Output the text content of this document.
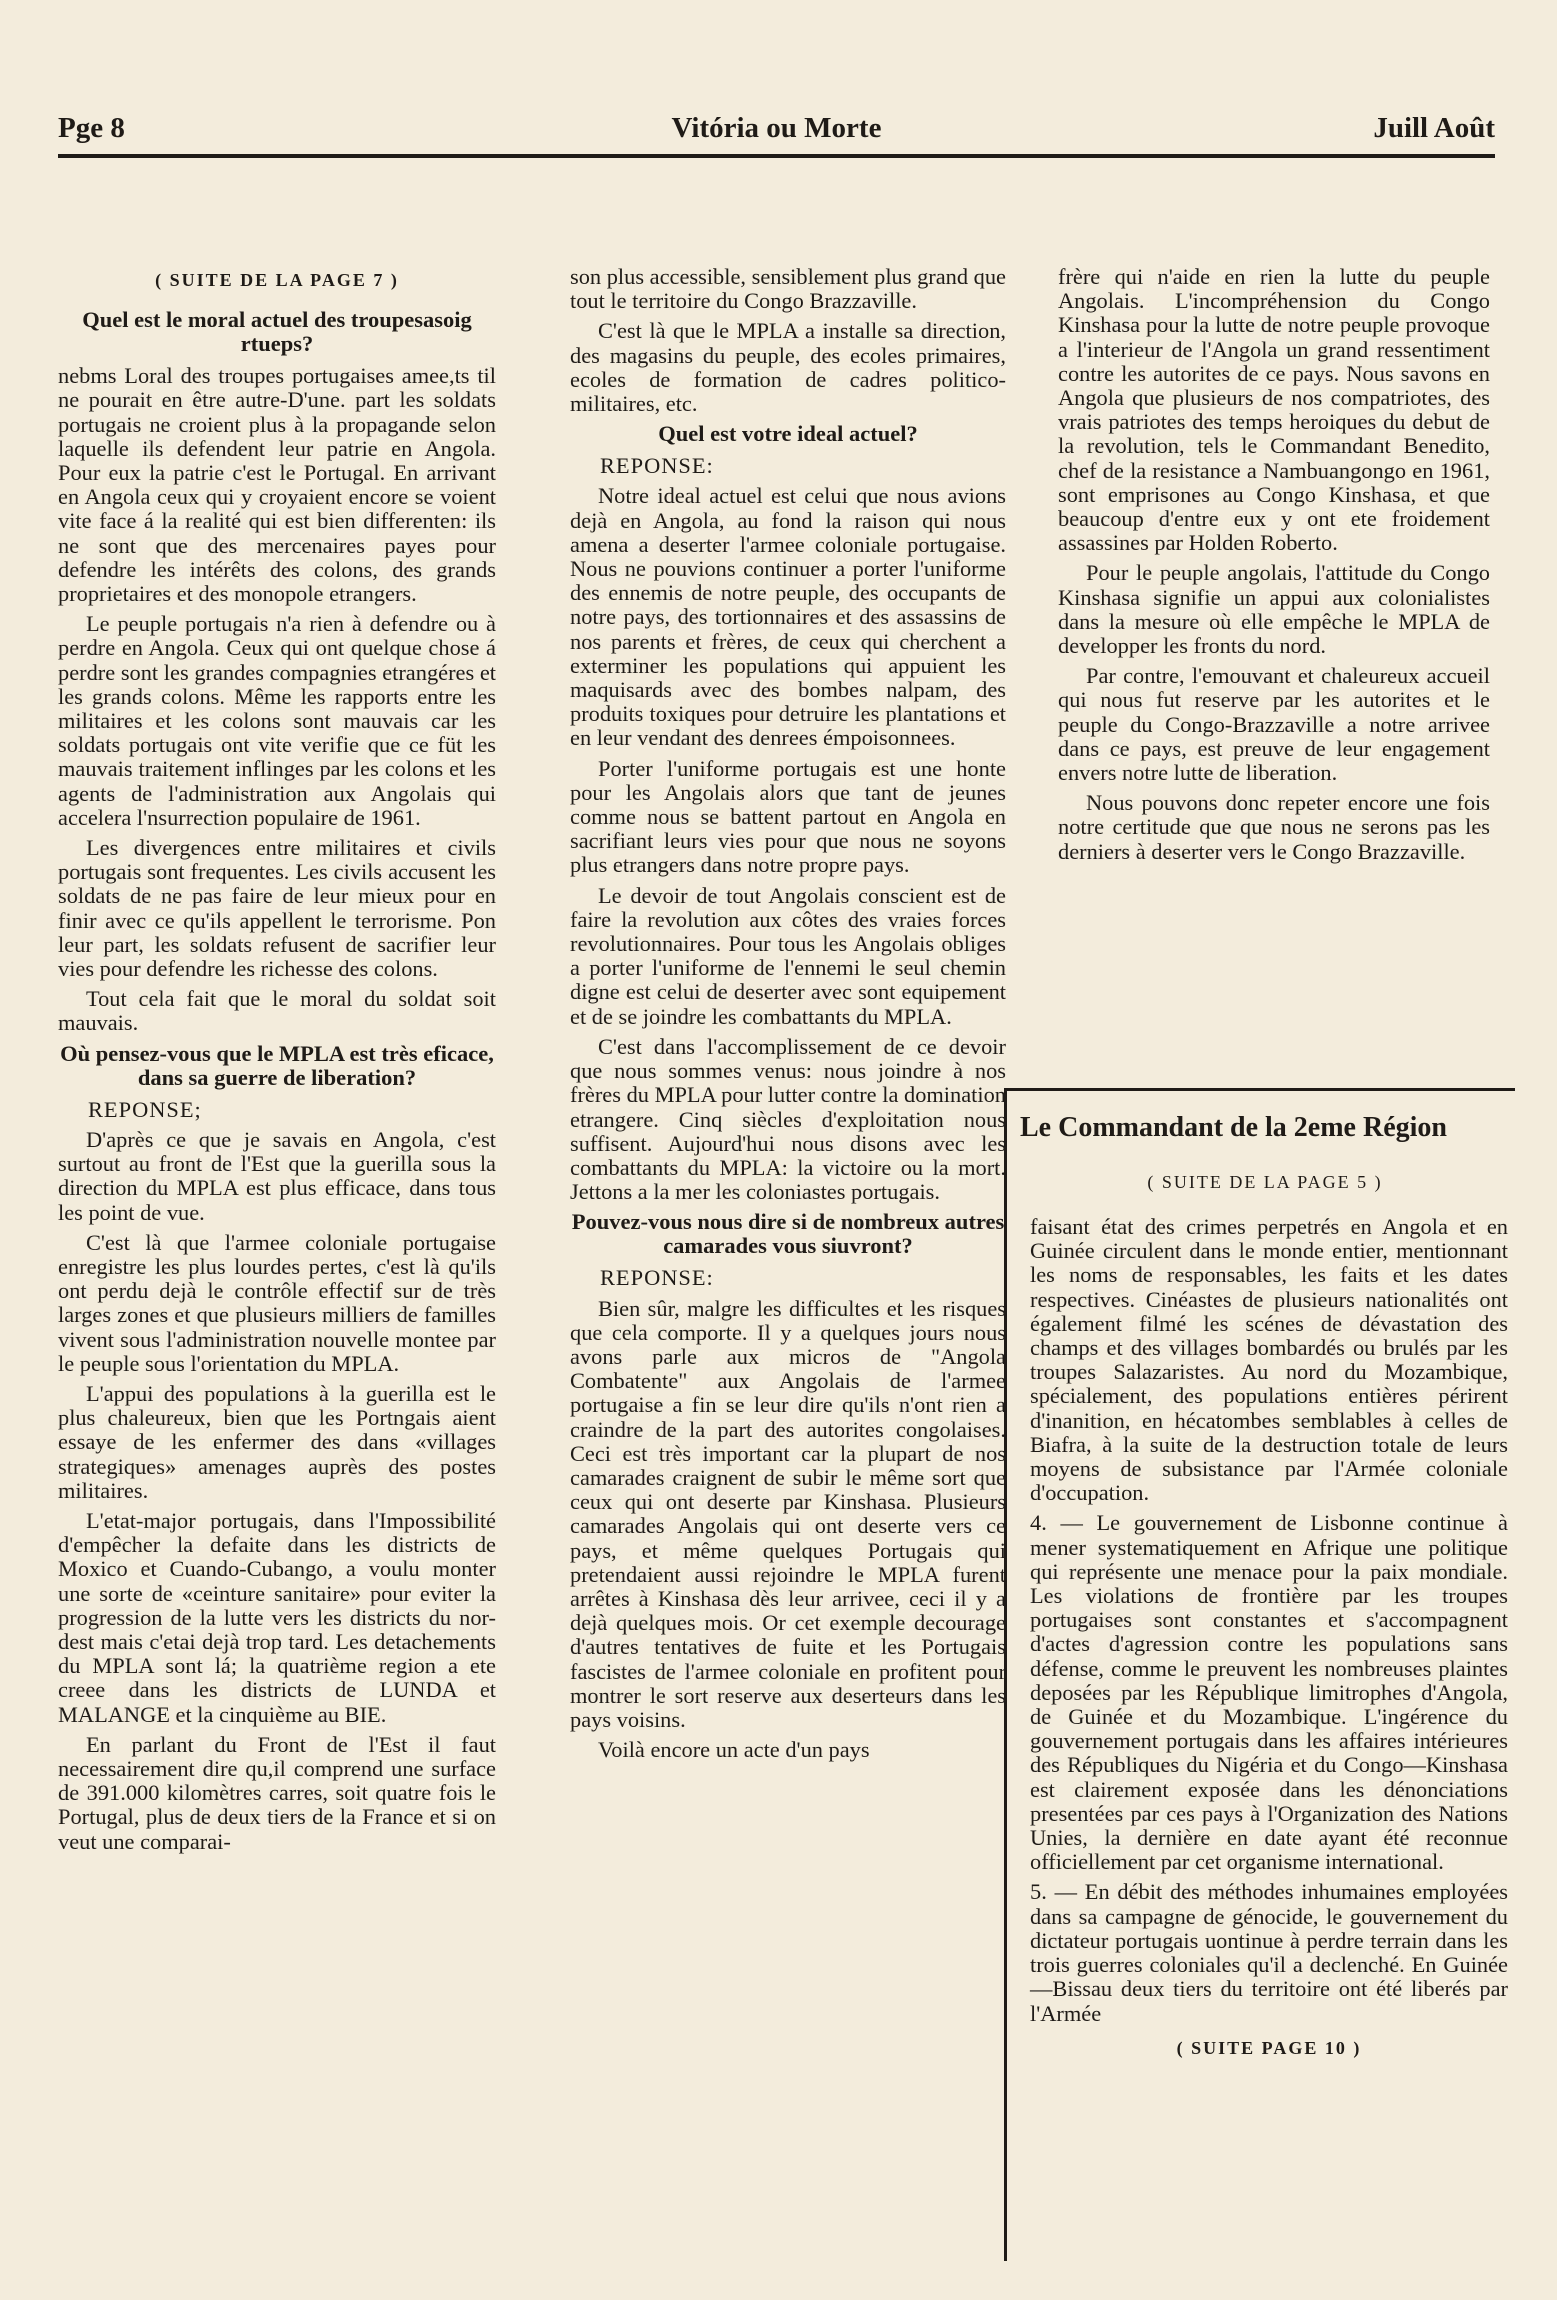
Pge 8	Vitória ou Morte	Juill Août
( SUITE DE LA PAGE 7 )
Quel est le moral actuel des troupesasoig rtueps?

nebms Loral des troupes portugaises amee,ts til ne pourait en être autre-D'une. part les soldats portugais ne croient plus à la propagande selon laquelle ils defendent leur patrie en Angola. Pour eux la patrie c'est le Portugal. En arrivant en Angola ceux qui y croyaient encore se voient vite face á la realité qui est bien differenten: ils ne sont que des mercenaires payes pour defendre les intérêts des colons, des grands proprietaires et des monopole etrangers.

Le peuple portugais n'a rien à defendre ou à perdre en Angola. Ceux qui ont quelque chose á perdre sont les grandes compagnies etrangéres et les grands colons. Même les rapports entre les militaires et les colons sont mauvais car les soldats portugais ont vite verifie que ce füt les mauvais traitement inflinges par les colons et les agents de l'administration aux Angolais qui accelera l'nsurrection populaire de 1961.

Les divergences entre militaires et civils portugais sont frequentes. Les civils accusent les soldats de ne pas faire de leur mieux pour en finir avec ce qu'ils appellent le terrorisme. Pon leur part, les soldats refusent de sacrifier leur vies pour defendre les richesse des colons.

Tout cela fait que le moral du soldat soit mauvais.

Où pensez-vous que le MPLA est très eficace, dans sa guerre de liberation?
REPONSE;

D'après ce que je savais en Angola, c'est surtout au front de l'Est que la guerilla sous la direction du MPLA est plus efficace, dans tous les point de vue.

C'est là que l'armee coloniale portugaise enregistre les plus lourdes pertes, c'est là qu'ils ont perdu dejà le contrôle effectif sur de très larges zones et que plusieurs milliers de familles vivent sous l'administration nouvelle montee par le peuple sous l'orientation du MPLA.

L'appui des populations à la guerilla est le plus chaleureux, bien que les Portngais aient essaye de les enfermer des dans «villages strategiques» amenages auprès des postes militaires.

L'etat-major portugais, dans l'Impossibilité d'empêcher la defaite dans les districts de Moxico et Cuando-Cubango, a voulu monter une sorte de «ceinture sanitaire» pour eviter la progression de la lutte vers les districts du nor-dest mais c'etai dejà trop tard. Les detachements du MPLA sont lá; la quatrième region a ete creee dans les districts de LUNDA et MALANGE et la cinquième au BIE.

En parlant du Front de l'Est il faut necessairement dire qu,il comprend une surface de 391.000 kilomètres carres, soit quatre fois le Portugal, plus de deux tiers de la France et si on veut une comparai-

son plus accessible, sensiblement plus grand que tout le territoire du Congo Brazzaville.

C'est là que le MPLA a installe sa direction, des magasins du peuple, des ecoles primaires, ecoles de formation de cadres politico-militaires, etc.

Quel est votre ideal actuel?
REPONSE:

Notre ideal actuel est celui que nous avions dejà en Angola, au fond la raison qui nous amena a deserter l'armee coloniale portugaise. Nous ne pouvions continuer a porter l'uniforme des ennemis de notre peuple, des occupants de notre pays, des tortionnaires et des assassins de nos parents et frères, de ceux qui cherchent a exterminer les populations qui appuient les maquisards avec des bombes nalpam, des produits toxiques pour detruire les plantations et en leur vendant des denrees émpoisonnees.

Porter l'uniforme portugais est une honte pour les Angolais alors que tant de jeunes comme nous se battent partout en Angola en sacrifiant leurs vies pour que nous ne soyons plus etrangers dans notre propre pays.

Le devoir de tout Angolais conscient est de faire la revolution aux côtes des vraies forces revolutionnaires. Pour tous les Angolais obliges a porter l'uniforme de l'ennemi le seul chemin digne est celui de deserter avec sont equipement et de se joindre les combattants du MPLA.

C'est dans l'accomplissement de ce devoir que nous sommes venus: nous joindre à nos frères du MPLA pour lutter contre la domination etrangere. Cinq siècles d'exploitation nous suffisent. Aujourd'hui nous disons avec les combattants du MPLA: la victoire ou la mort. Jettons a la mer les coloniastes portugais.

Pouvez-vous nous dire si de nombreux autres camarades vous siuvront?
REPONSE:

Bien sûr, malgre les difficultes et les risques que cela comporte. Il y a quelques jours nous avons parle aux micros de "Angola Combatente" aux Angolais de l'armee portugaise a fin se leur dire qu'ils n'ont rien a craindre de la part des autorites congolaises. Ceci est très important car la plupart de nos camarades craignent de subir le même sort que ceux qui ont deserte par Kinshasa. Plusieurs camarades Angolais qui ont deserte vers ce pays, et même quelques Portugais qui pretendaient aussi rejoindre le MPLA furent arrêtes à Kinshasa dès leur arrivee, ceci il y a dejà quelques mois. Or cet exemple decourage d'autres tentatives de fuite et les Portugais fascistes de l'armee coloniale en profitent pour montrer le sort reserve aux deserteurs dans les pays voisins.

Voilà encore un acte d'un pays

frère qui n'aide en rien la lutte du peuple Angolais. L'incompréhension du Congo Kinshasa pour la lutte de notre peuple provoque a l'interieur de l'Angola un grand ressentiment contre les autorites de ce pays. Nous savons en Angola que plusieurs de nos compatriotes, des vrais patriotes des temps heroiques du debut de la revolution, tels le Commandant Benedito, chef de la resistance a Nambuangongo en 1961, sont emprisones au Congo Kinshasa, et que beaucoup d'entre eux y ont ete froidement assassines par Holden Roberto.

Pour le peuple angolais, l'attitude du Congo Kinshasa signifie un appui aux colonialistes dans la mesure où elle empêche le MPLA de developper les fronts du nord.

Par contre, l'emouvant et chaleureux accueil qui nous fut reserve par les autorites et le peuple du Congo-Brazzaville a notre arrivee dans ce pays, est preuve de leur engagement envers notre lutte de liberation.

Nous pouvons donc repeter encore une fois notre certitude que que nous ne serons pas les derniers à deserter vers le Congo Brazzaville.

Le Commandant de la 2eme Région
( SUITE DE LA PAGE 5 )

faisant état des crimes perpetrés en Angola et en Guinée circulent dans le monde entier, mentionnant les noms de responsables, les faits et les dates respectives. Cinéastes de plusieurs nationalités ont également filmé les scénes de dévastation des champs et des villages bombardés ou brulés par les troupes Salazaristes. Au nord du Mozambique, spécialement, des populations entières périrent d'inanition, en hécatombes semblables à celles de Biafra, à la suite de la destruction totale de leurs moyens de subsistance par l'Armée coloniale d'occupation.

4. — Le gouvernement de Lisbonne continue à mener systematiquement en Afrique une politique qui représente une menace pour la paix mondiale. Les violations de frontière par les troupes portugaises sont constantes et s'accompagnent d'actes d'agression contre les populations sans défense, comme le preuvent les nombreuses plaintes deposées par les République limitrophes d'Angola, de Guinée et du Mozambique. L'ingérence du gouvernement portugais dans les affaires intérieures des Républiques du Nigéria et du Congo—Kinshasa est clairement exposée dans les dénonciations presentées par ces pays à l'Organization des Nations Unies, la dernière en date ayant été reconnue officiellement par cet organisme international.

5. — En débit des méthodes inhumaines employées dans sa campagne de génocide, le gouvernement du dictateur portugais uontinue à perdre terrain dans les trois guerres coloniales qu'il a declenché. En Guinée—Bissau deux tiers du territoire ont été liberés par l'Armée

( SUITE PAGE 10 )
